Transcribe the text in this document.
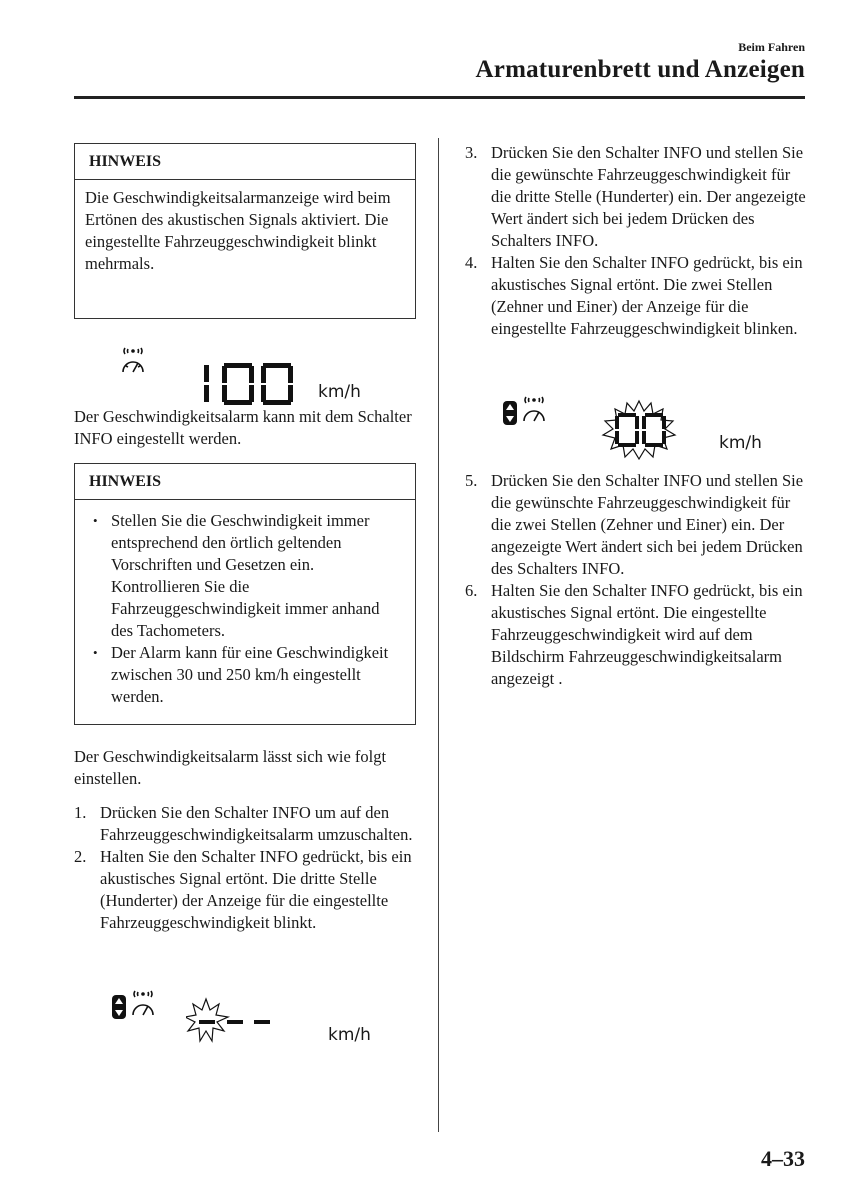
Beim Fahren
Armaturenbrett und Anzeigen
HINWEIS
Die Geschwindigkeitsalarmanzeige wird beim Ertönen des akustischen Signals aktiviert. Die eingestellte Fahrzeuggeschwindigkeit blinkt mehrmals.
km/h
Der Geschwindigkeitsalarm kann mit dem Schalter INFO eingestellt werden.
HINWEIS
• Stellen Sie die Geschwindigkeit immer entsprechend den örtlich geltenden Vorschriften und Gesetzen ein. Kontrollieren Sie die Fahrzeuggeschwindigkeit immer anhand des Tachometers.
• Der Alarm kann für eine Geschwindigkeit zwischen 30 und 250 km/h eingestellt werden.
Der Geschwindigkeitsalarm lässt sich wie folgt einstellen.
1. Drücken Sie den Schalter INFO um auf den Fahrzeuggeschwindigkeitsalarm umzuschalten.
2. Halten Sie den Schalter INFO gedrückt, bis ein akustisches Signal ertönt. Die dritte Stelle (Hunderter) der Anzeige für die eingestellte Fahrzeuggeschwindigkeit blinkt.
km/h
3. Drücken Sie den Schalter INFO und stellen Sie die gewünschte Fahrzeuggeschwindigkeit für die dritte Stelle (Hunderter) ein. Der angezeigte Wert ändert sich bei jedem Drücken des Schalters INFO.
4. Halten Sie den Schalter INFO gedrückt, bis ein akustisches Signal ertönt. Die zwei Stellen (Zehner und Einer) der Anzeige für die eingestellte Fahrzeuggeschwindigkeit blinken.
km/h
5. Drücken Sie den Schalter INFO und stellen Sie die gewünschte Fahrzeuggeschwindigkeit für die zwei Stellen (Zehner und Einer) ein. Der angezeigte Wert ändert sich bei jedem Drücken des Schalters INFO.
6. Halten Sie den Schalter INFO gedrückt, bis ein akustisches Signal ertönt. Die eingestellte Fahrzeuggeschwindigkeit wird auf dem Bildschirm Fahrzeuggeschwindigkeitsalarm angezeigt .
4–33
